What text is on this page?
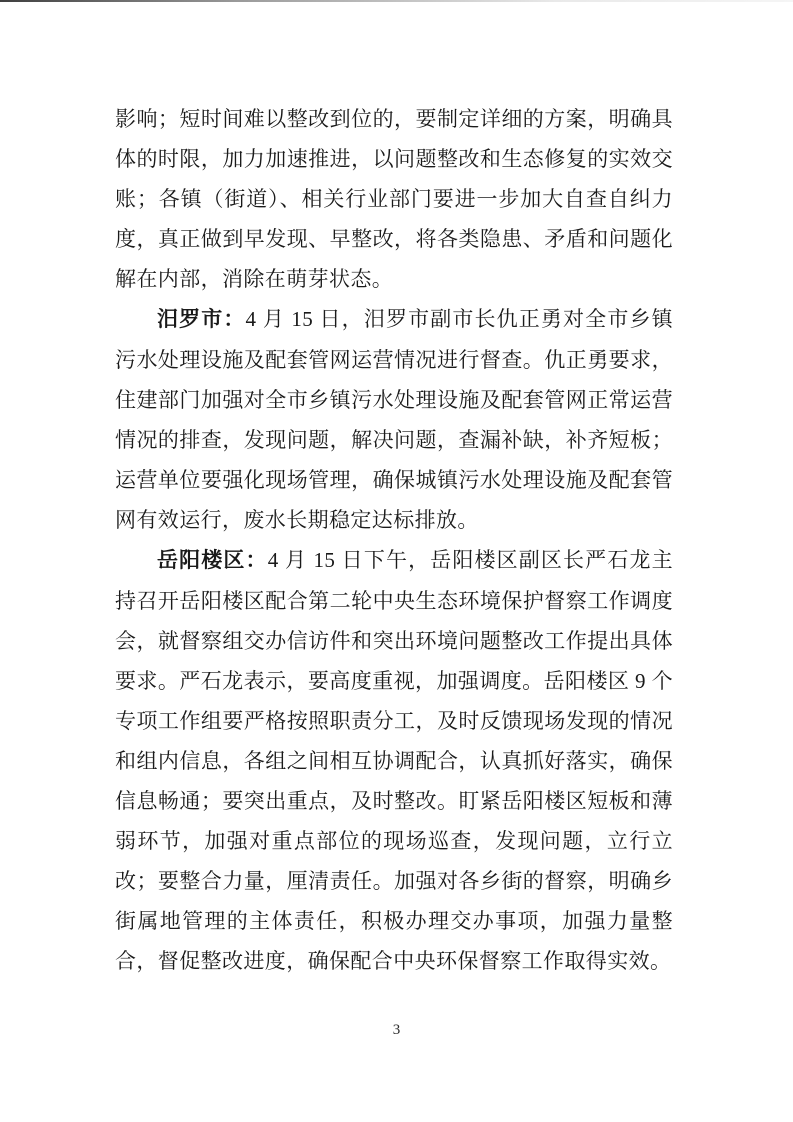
影响；短时间难以整改到位的，要制定详细的方案，明确具体的时限，加力加速推进，以问题整改和生态修复的实效交账；各镇（街道）、相关行业部门要进一步加大自查自纠力度，真正做到早发现、早整改，将各类隐患、矛盾和问题化解在内部，消除在萌芽状态。

汨罗市：4 月 15 日，汨罗市副市长仇正勇对全市乡镇污水处理设施及配套管网运营情况进行督查。仇正勇要求，住建部门加强对全市乡镇污水处理设施及配套管网正常运营情况的排查，发现问题，解决问题，查漏补缺，补齐短板；运营单位要强化现场管理，确保城镇污水处理设施及配套管网有效运行，废水长期稳定达标排放。

岳阳楼区：4 月 15 日下午，岳阳楼区副区长严石龙主持召开岳阳楼区配合第二轮中央生态环境保护督察工作调度会，就督察组交办信访件和突出环境问题整改工作提出具体要求。严石龙表示，要高度重视，加强调度。岳阳楼区 9 个专项工作组要严格按照职责分工，及时反馈现场发现的情况和组内信息，各组之间相互协调配合，认真抓好落实，确保信息畅通；要突出重点，及时整改。盯紧岳阳楼区短板和薄弱环节，加强对重点部位的现场巡查，发现问题，立行立改；要整合力量，厘清责任。加强对各乡街的督察，明确乡街属地管理的主体责任，积极办理交办事项，加强力量整合，督促整改进度，确保配合中央环保督察工作取得实效。

3
